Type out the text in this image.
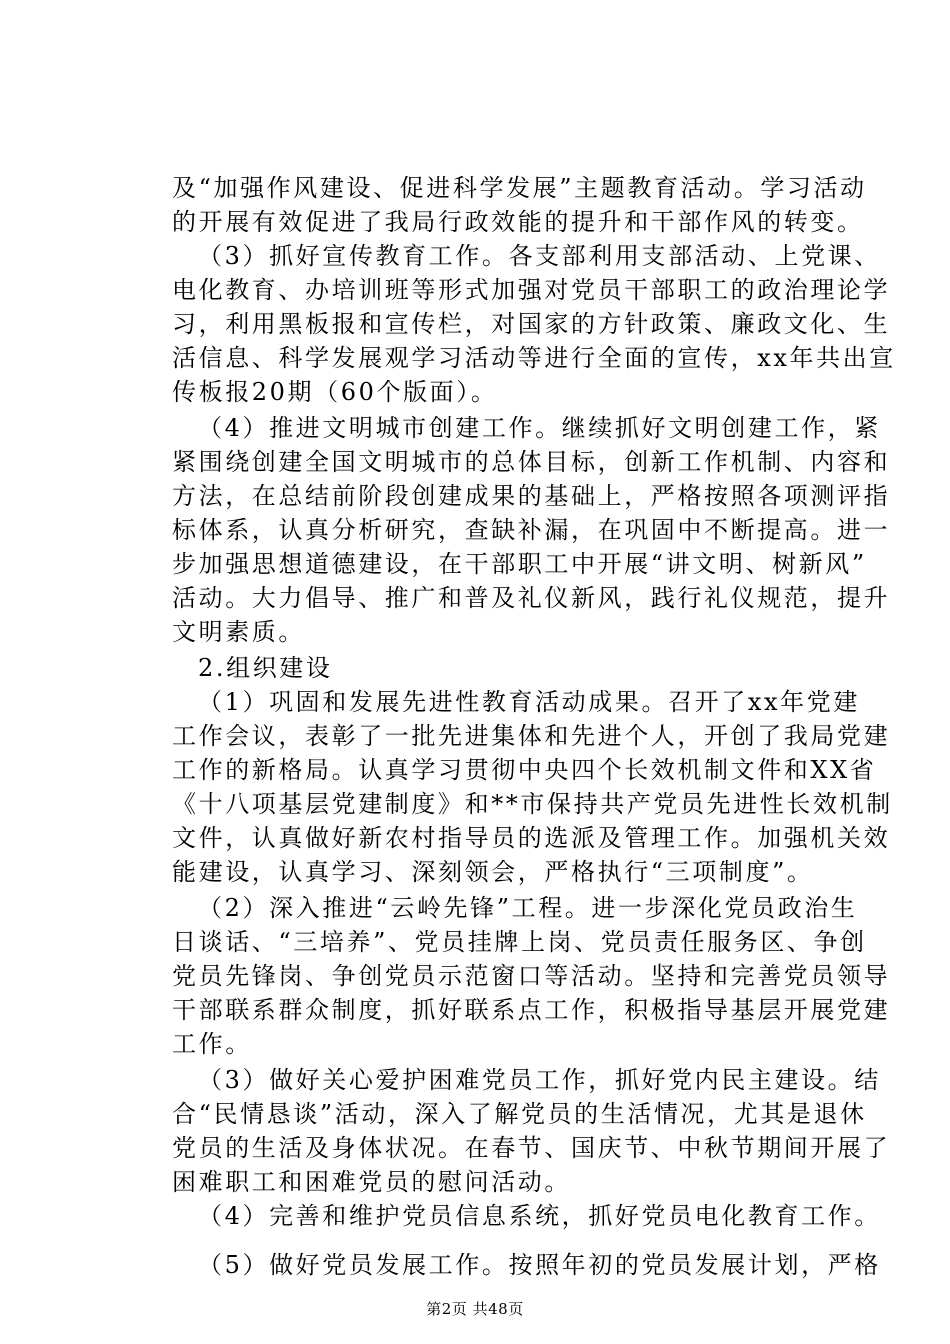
及“加强作风建设、促进科学发展”主题教育活动。学习活动
的开展有效促进了我局行政效能的提升和干部作风的转变。
（3）抓好宣传教育工作。各支部利用支部活动、上党课、
电化教育、办培训班等形式加强对党员干部职工的政治理论学
习，利用黑板报和宣传栏，对国家的方针政策、廉政文化、生
活信息、科学发展观学习活动等进行全面的宣传，xx年共出宣
传板报20期（60个版面）。
（4）推进文明城市创建工作。继续抓好文明创建工作，紧
紧围绕创建全国文明城市的总体目标，创新工作机制、内容和
方法，在总结前阶段创建成果的基础上，严格按照各项测评指
标体系，认真分析研究，查缺补漏，在巩固中不断提高。进一
步加强思想道德建设，在干部职工中开展“讲文明、树新风”
活动。大力倡导、推广和普及礼仪新风，践行礼仪规范，提升
文明素质。
2.组织建设
（1）巩固和发展先进性教育活动成果。召开了xx年党建
工作会议，表彰了一批先进集体和先进个人，开创了我局党建
工作的新格局。认真学习贯彻中央四个长效机制文件和XX省
《十八项基层党建制度》和**市保持共产党员先进性长效机制
文件，认真做好新农村指导员的选派及管理工作。加强机关效
能建设，认真学习、深刻领会，严格执行“三项制度”。
（2）深入推进“云岭先锋”工程。进一步深化党员政治生
日谈话、“三培养”、党员挂牌上岗、党员责任服务区、争创
党员先锋岗、争创党员示范窗口等活动。坚持和完善党员领导
干部联系群众制度，抓好联系点工作，积极指导基层开展党建
工作。
（3）做好关心爱护困难党员工作，抓好党内民主建设。结
合“民情恳谈”活动，深入了解党员的生活情况，尤其是退休
党员的生活及身体状况。在春节、国庆节、中秋节期间开展了
困难职工和困难党员的慰问活动。
（4）完善和维护党员信息系统，抓好党员电化教育工作。
第2页 共48页
（5）做好党员发展工作。按照年初的党员发展计划，严格
